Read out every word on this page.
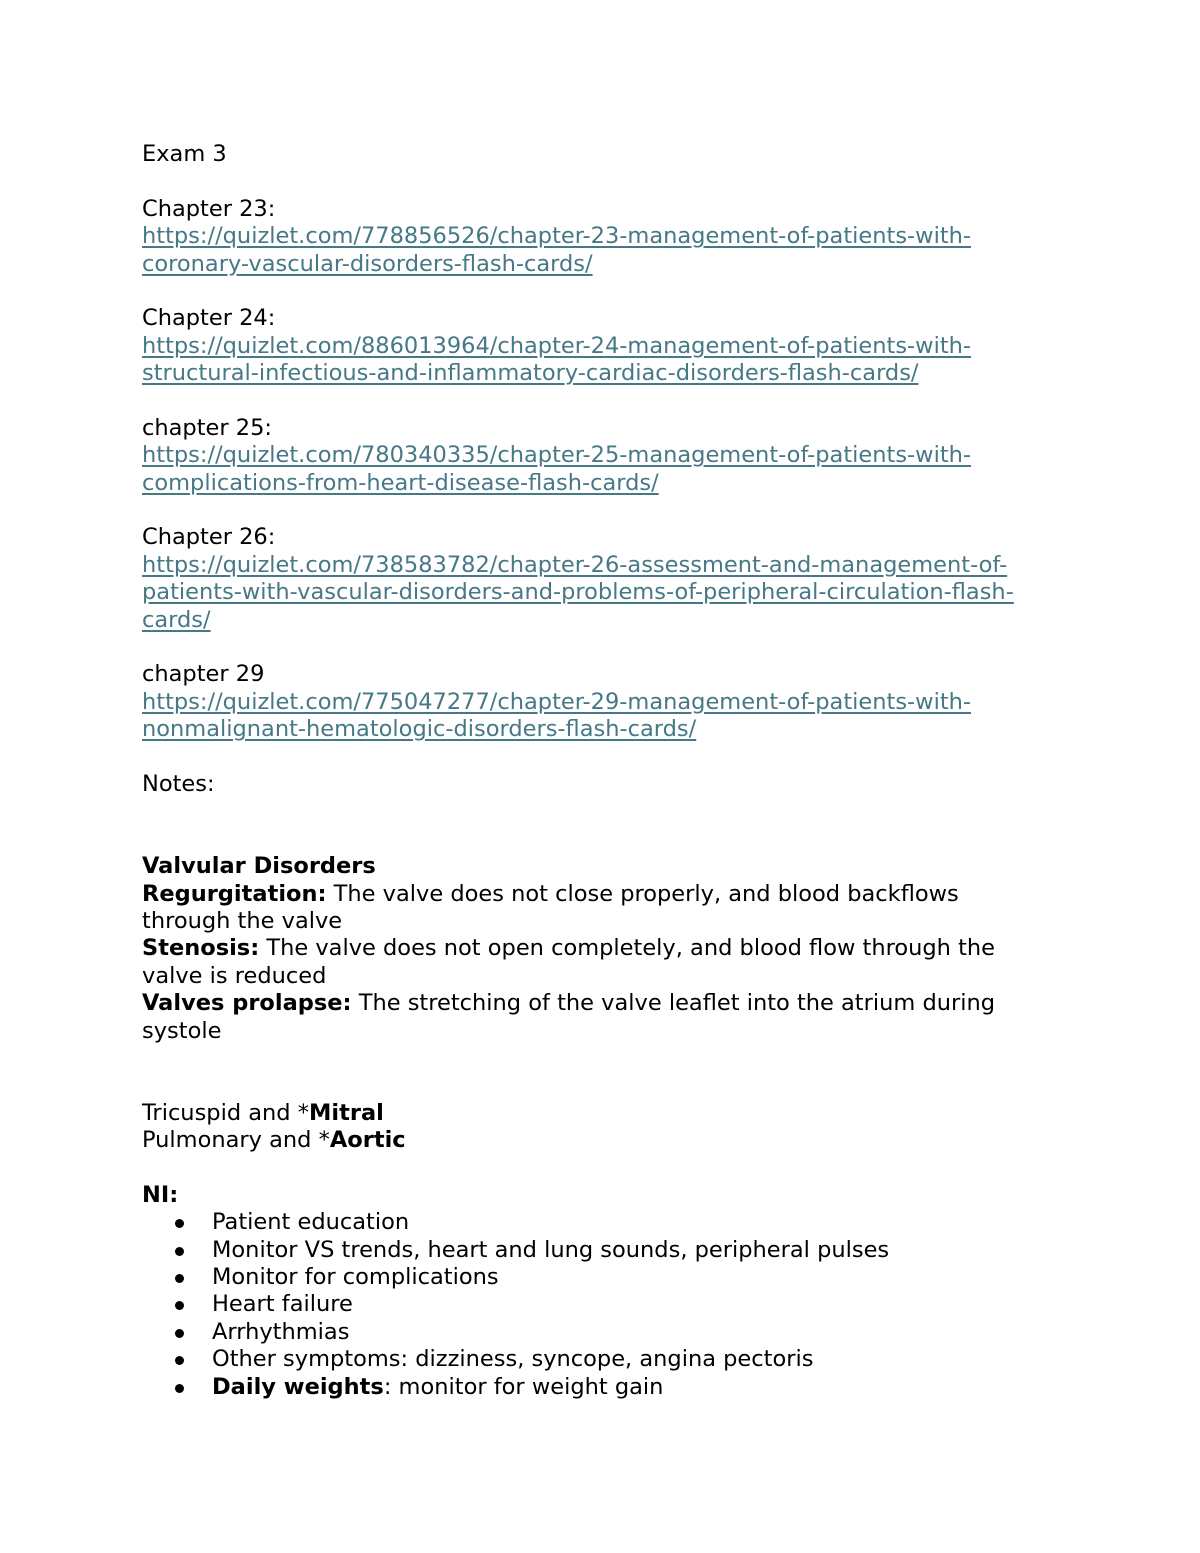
Exam 3
Chapter 23:
https://quizlet.com/778856526/chapter-23-management-of-patients-with-
coronary-vascular-disorders-flash-cards/
Chapter 24:
https://quizlet.com/886013964/chapter-24-management-of-patients-with-
structural-infectious-and-inflammatory-cardiac-disorders-flash-cards/
chapter 25:
https://quizlet.com/780340335/chapter-25-management-of-patients-with-
complications-from-heart-disease-flash-cards/
Chapter 26:
https://quizlet.com/738583782/chapter-26-assessment-and-management-of-
patients-with-vascular-disorders-and-problems-of-peripheral-circulation-flash-
cards/
chapter 29
https://quizlet.com/775047277/chapter-29-management-of-patients-with-
nonmalignant-hematologic-disorders-flash-cards/
Notes:
Valvular Disorders
Regurgitation: The valve does not close properly, and blood backflows
through the valve
Stenosis: The valve does not open completely, and blood flow through the
valve is reduced
Valves prolapse: The stretching of the valve leaflet into the atrium during
systole
Tricuspid and *Mitral
Pulmonary and *Aortic
NI:
Patient education
Monitor VS trends, heart and lung sounds, peripheral pulses
Monitor for complications
Heart failure
Arrhythmias
Other symptoms: dizziness, syncope, angina pectoris
Daily weights: monitor for weight gain
